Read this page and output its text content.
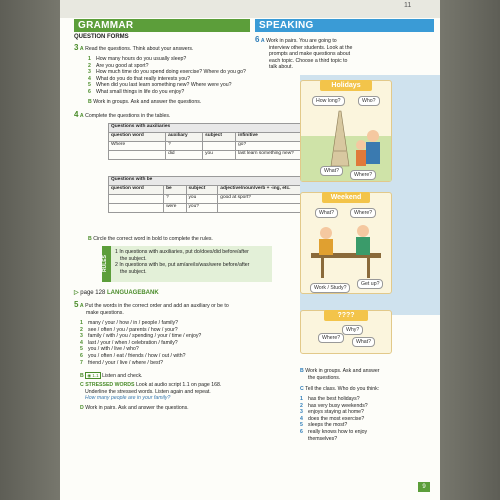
11
GRAMMAR	SPEAKING
QUESTION FORMS
3 A Read the questions. Think about your answers.
1 How many hours do you usually sleep?
2 Are you good at sport?
3 How much time do you spend doing exercise? Where do you go?
4 What do you do that really interests you?
5 When did you last learn something new? Where were you?
6 What small things in life do you enjoy?
B Work in groups. Ask and answer the questions.
4 A Complete the questions in the tables.
Questions with auxiliaries			
question word	auxiliary	subject	infinitive
Where	?		go?
	did	you	last learn something new?
Questions with be			
question word	be	subject	adjective/noun/verb + -ing, etc.
	?	you	good at sport?
	were	you?	
B Circle the correct word in bold to complete the rules.
RULES
1 In questions with auxiliaries, put do/does/did before/after
the subject.
2 In questions with be, put am/are/is/was/were before/after
the subject.
▷ page 128 LANGUAGEBANK
5 A Put the words in the correct order and add an auxiliary or be to
make questions.
1 many / your / how / in / people / family?
2 see / often / you / parents / how / your?
3 family / with / you / spending / your / time / enjoy?
4 last / your / when / celebration / family?
5 you / with / live / who?
6 you / often / eat / friends / how / out / with?
7 friend / your / live / where / best?
B ◉ 1.1 Listen and check.
C STRESSED WORDS Look at audio script 1.1 on page 168.
Underline the stressed words. Listen again and repeat.
How many people are in your family?
D Work in pairs. Ask and answer the questions.
6 A Work in pairs. You are going to
interview other students. Look at the
prompts and make questions about
each topic. Choose a third topic to
talk about.
Holidays
How long?	Who?
What?
Where?
Weekend
What?	Where?
Work / Study?
Get up?
????
Why?
Where?
What?
B Work in groups. Ask and answer
the questions.
C Tell the class. Who do you think:
1 has the best holidays?
2 has very busy weekends?
3 enjoys staying at home?
4 does the most exercise?
5 sleeps the most?
6 really knows how to enjoy
themselves?
9
